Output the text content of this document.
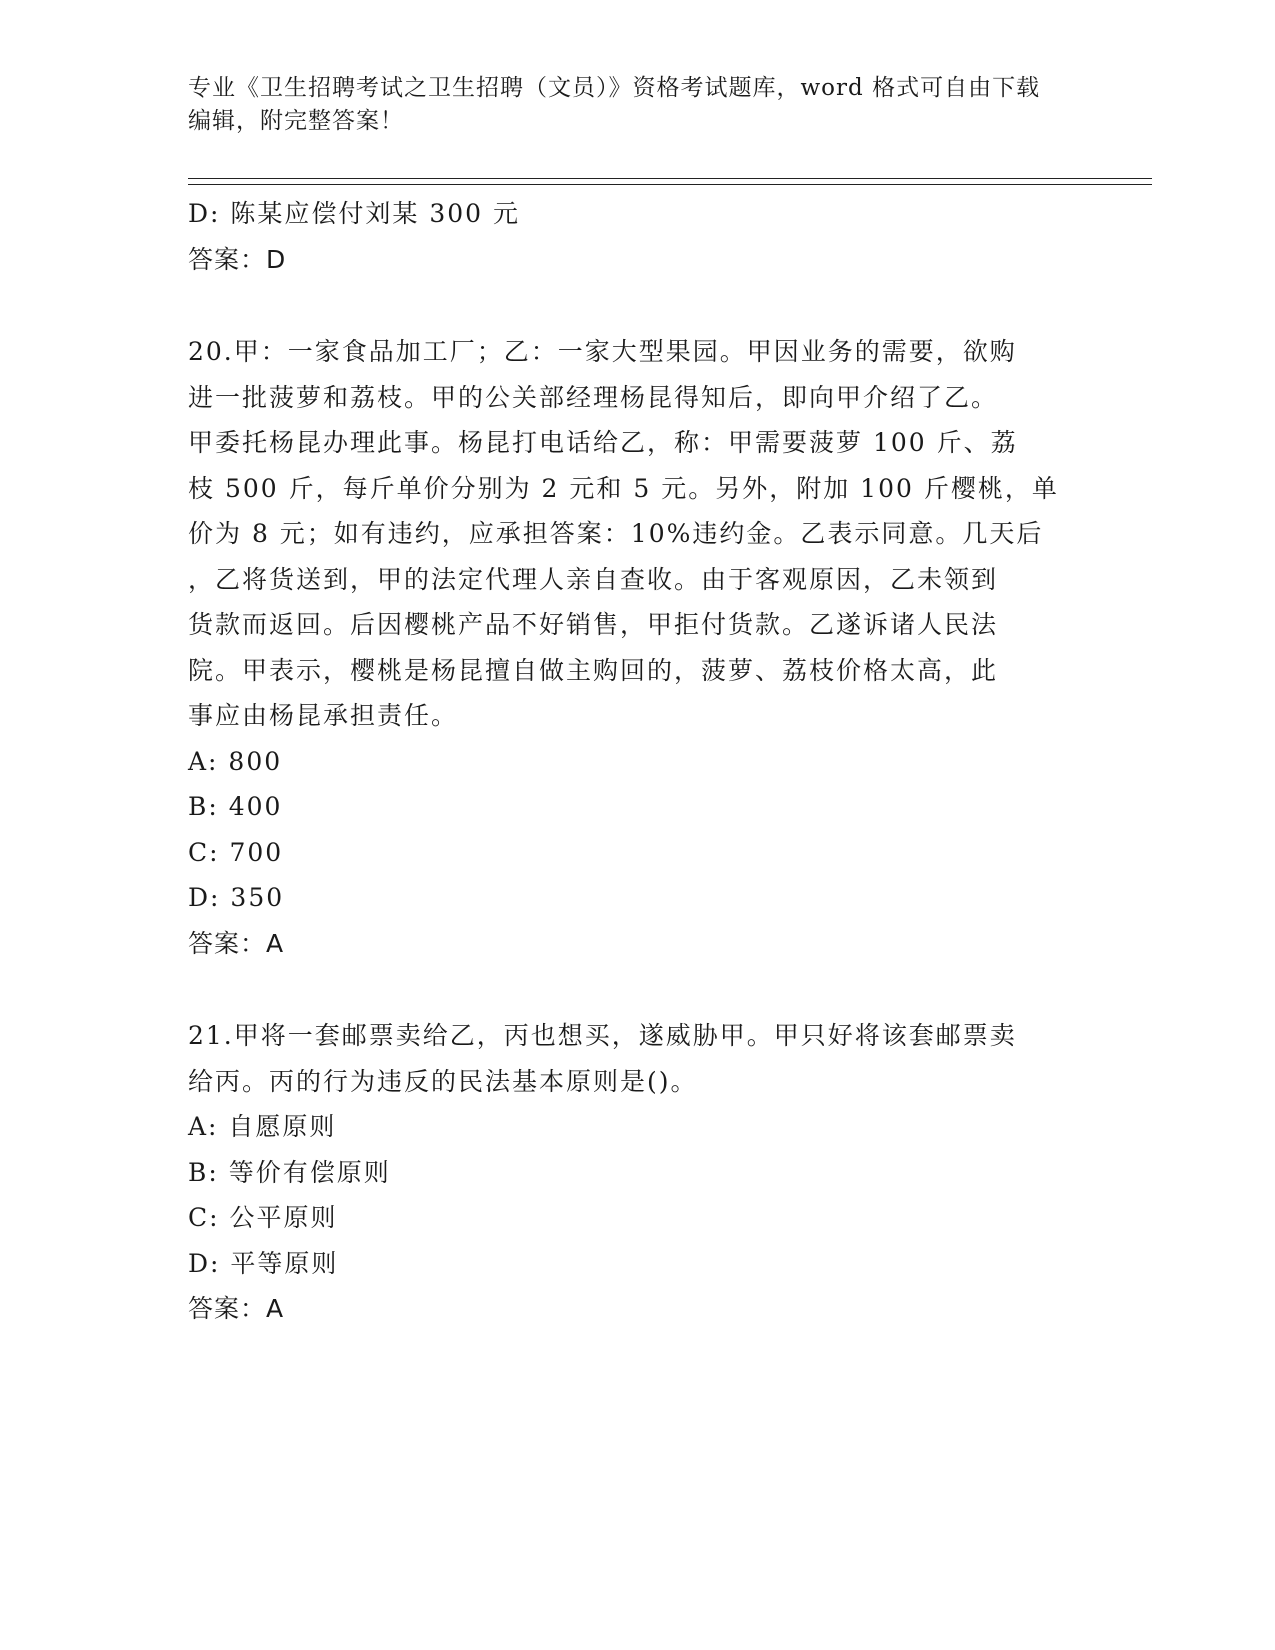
专业《卫生招聘考试之卫生招聘（文员）》资格考试题库，word 格式可自由下载
编辑，附完整答案！
D: 陈某应偿付刘某 300 元
答案：D
20.甲：一家食品加工厂；乙：一家大型果园。甲因业务的需要，欲购
进一批菠萝和荔枝。甲的公关部经理杨昆得知后，即向甲介绍了乙。
甲委托杨昆办理此事。杨昆打电话给乙，称：甲需要菠萝 100 斤、荔
枝 500 斤，每斤单价分别为 2 元和 5 元。另外，附加 100 斤樱桃，单
价为 8 元；如有违约，应承担答案：10%违约金。乙表示同意。几天后
，乙将货送到，甲的法定代理人亲自查收。由于客观原因，乙未领到
货款而返回。后因樱桃产品不好销售，甲拒付货款。乙遂诉诸人民法
院。甲表示，樱桃是杨昆擅自做主购回的，菠萝、荔枝价格太高，此
事应由杨昆承担责任。
A: 800
B: 400
C: 700
D: 350
答案：A
21.甲将一套邮票卖给乙，丙也想买，遂威胁甲。甲只好将该套邮票卖
给丙。丙的行为违反的民法基本原则是()。
A: 自愿原则
B: 等价有偿原则
C: 公平原则
D: 平等原则
答案：A
